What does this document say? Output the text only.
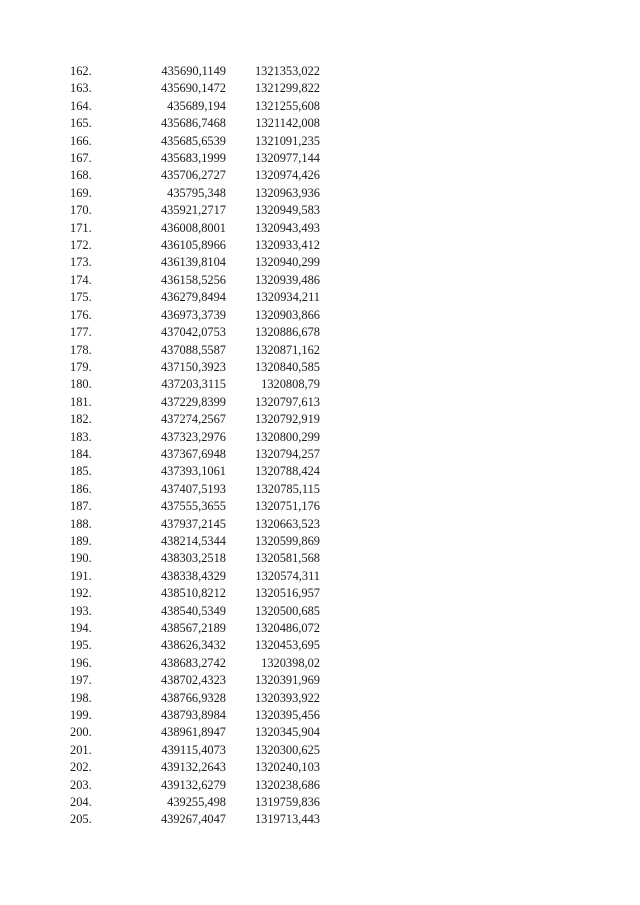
162.	435690,1149	1321353,022
163.	435690,1472	1321299,822
164.	435689,194	1321255,608
165.	435686,7468	1321142,008
166.	435685,6539	1321091,235
167.	435683,1999	1320977,144
168.	435706,2727	1320974,426
169.	435795,348	1320963,936
170.	435921,2717	1320949,583
171.	436008,8001	1320943,493
172.	436105,8966	1320933,412
173.	436139,8104	1320940,299
174.	436158,5256	1320939,486
175.	436279,8494	1320934,211
176.	436973,3739	1320903,866
177.	437042,0753	1320886,678
178.	437088,5587	1320871,162
179.	437150,3923	1320840,585
180.	437203,3115	1320808,79
181.	437229,8399	1320797,613
182.	437274,2567	1320792,919
183.	437323,2976	1320800,299
184.	437367,6948	1320794,257
185.	437393,1061	1320788,424
186.	437407,5193	1320785,115
187.	437555,3655	1320751,176
188.	437937,2145	1320663,523
189.	438214,5344	1320599,869
190.	438303,2518	1320581,568
191.	438338,4329	1320574,311
192.	438510,8212	1320516,957
193.	438540,5349	1320500,685
194.	438567,2189	1320486,072
195.	438626,3432	1320453,695
196.	438683,2742	1320398,02
197.	438702,4323	1320391,969
198.	438766,9328	1320393,922
199.	438793,8984	1320395,456
200.	438961,8947	1320345,904
201.	439115,4073	1320300,625
202.	439132,2643	1320240,103
203.	439132,6279	1320238,686
204.	439255,498	1319759,836
205.	439267,4047	1319713,443
